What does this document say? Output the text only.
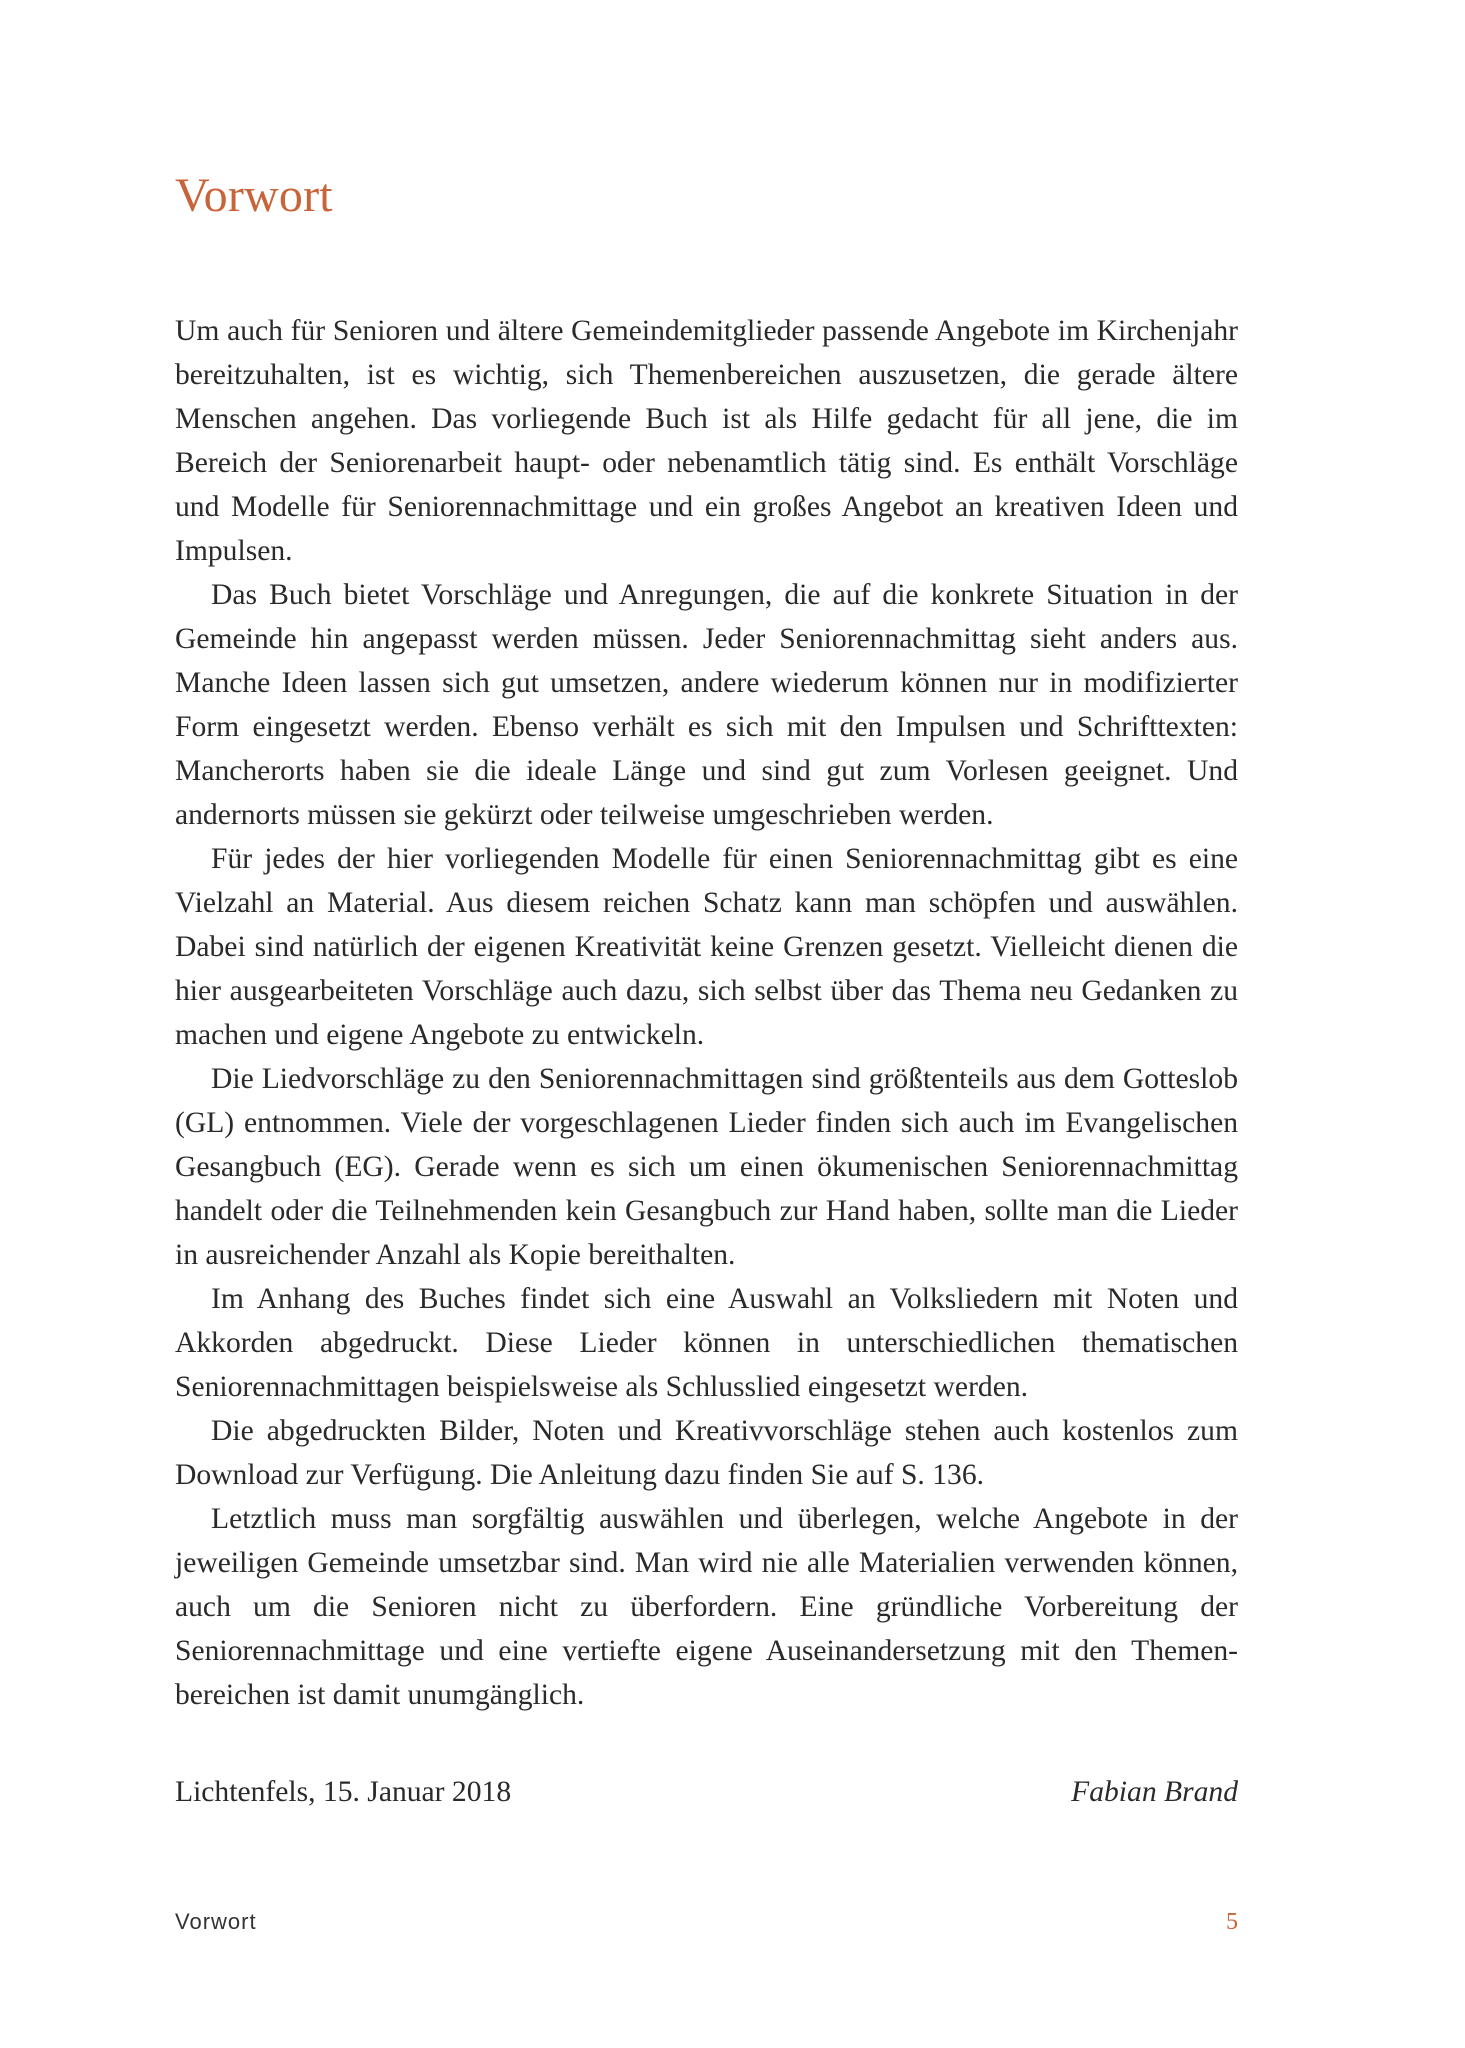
Vorwort

Um auch für Senioren und ältere Gemeindemitglieder passende Angebote im Kirchenjahr bereitzuhalten, ist es wichtig, sich Themenbereichen auszusetzen, die gerade ältere Menschen angehen. Das vorliegende Buch ist als Hilfe gedacht für all jene, die im Bereich der Seniorenarbeit haupt- oder nebenamtlich tätig sind. Es enthält Vorschläge und Modelle für Seniorennachmittage und ein großes Angebot an kreativen Ideen und Impulsen.

Das Buch bietet Vorschläge und Anregungen, die auf die konkrete Situation in der Gemeinde hin angepasst werden müssen. Jeder Seniorennachmittag sieht anders aus. Manche Ideen lassen sich gut umsetzen, andere wiederum können nur in modifizierter Form eingesetzt werden. Ebenso verhält es sich mit den Impulsen und Schrifttexten: Mancherorts haben sie die ideale Länge und sind gut zum Vorlesen geeignet. Und andernorts müssen sie gekürzt oder teilweise umgeschrieben werden.

Für jedes der hier vorliegenden Modelle für einen Seniorennachmittag gibt es eine Vielzahl an Material. Aus diesem reichen Schatz kann man schöpfen und auswählen. Dabei sind natürlich der eigenen Kreativität keine Grenzen gesetzt. Vielleicht dienen die hier ausgearbeiteten Vorschläge auch dazu, sich selbst über das Thema neu Gedanken zu machen und eigene Angebote zu entwickeln.

Die Liedvorschläge zu den Seniorennachmittagen sind größtenteils aus dem Gotteslob (GL) entnommen. Viele der vorgeschlagenen Lieder finden sich auch im Evangelischen Gesangbuch (EG). Gerade wenn es sich um einen ökumenischen Seniorennachmittag handelt oder die Teilnehmenden kein Gesangbuch zur Hand haben, sollte man die Lieder in ausreichender Anzahl als Kopie bereithalten.

Im Anhang des Buches findet sich eine Auswahl an Volksliedern mit Noten und Akkorden abgedruckt. Diese Lieder können in unterschiedlichen thematischen Seniorennachmittagen beispielsweise als Schlusslied eingesetzt werden.

Die abgedruckten Bilder, Noten und Kreativvorschläge stehen auch kostenlos zum Download zur Verfügung. Die Anleitung dazu finden Sie auf S. 136.

Letztlich muss man sorgfältig auswählen und überlegen, welche Angebote in der jeweiligen Gemeinde umsetzbar sind. Man wird nie alle Materialien verwenden können, auch um die Senioren nicht zu überfordern. Eine gründliche Vorbereitung der Seniorennachmittage und eine vertiefte eigene Auseinandersetzung mit den Themenbereichen ist damit unumgänglich.

Lichtenfels, 15. Januar 2018	Fabian Brand
Vorwort	5
